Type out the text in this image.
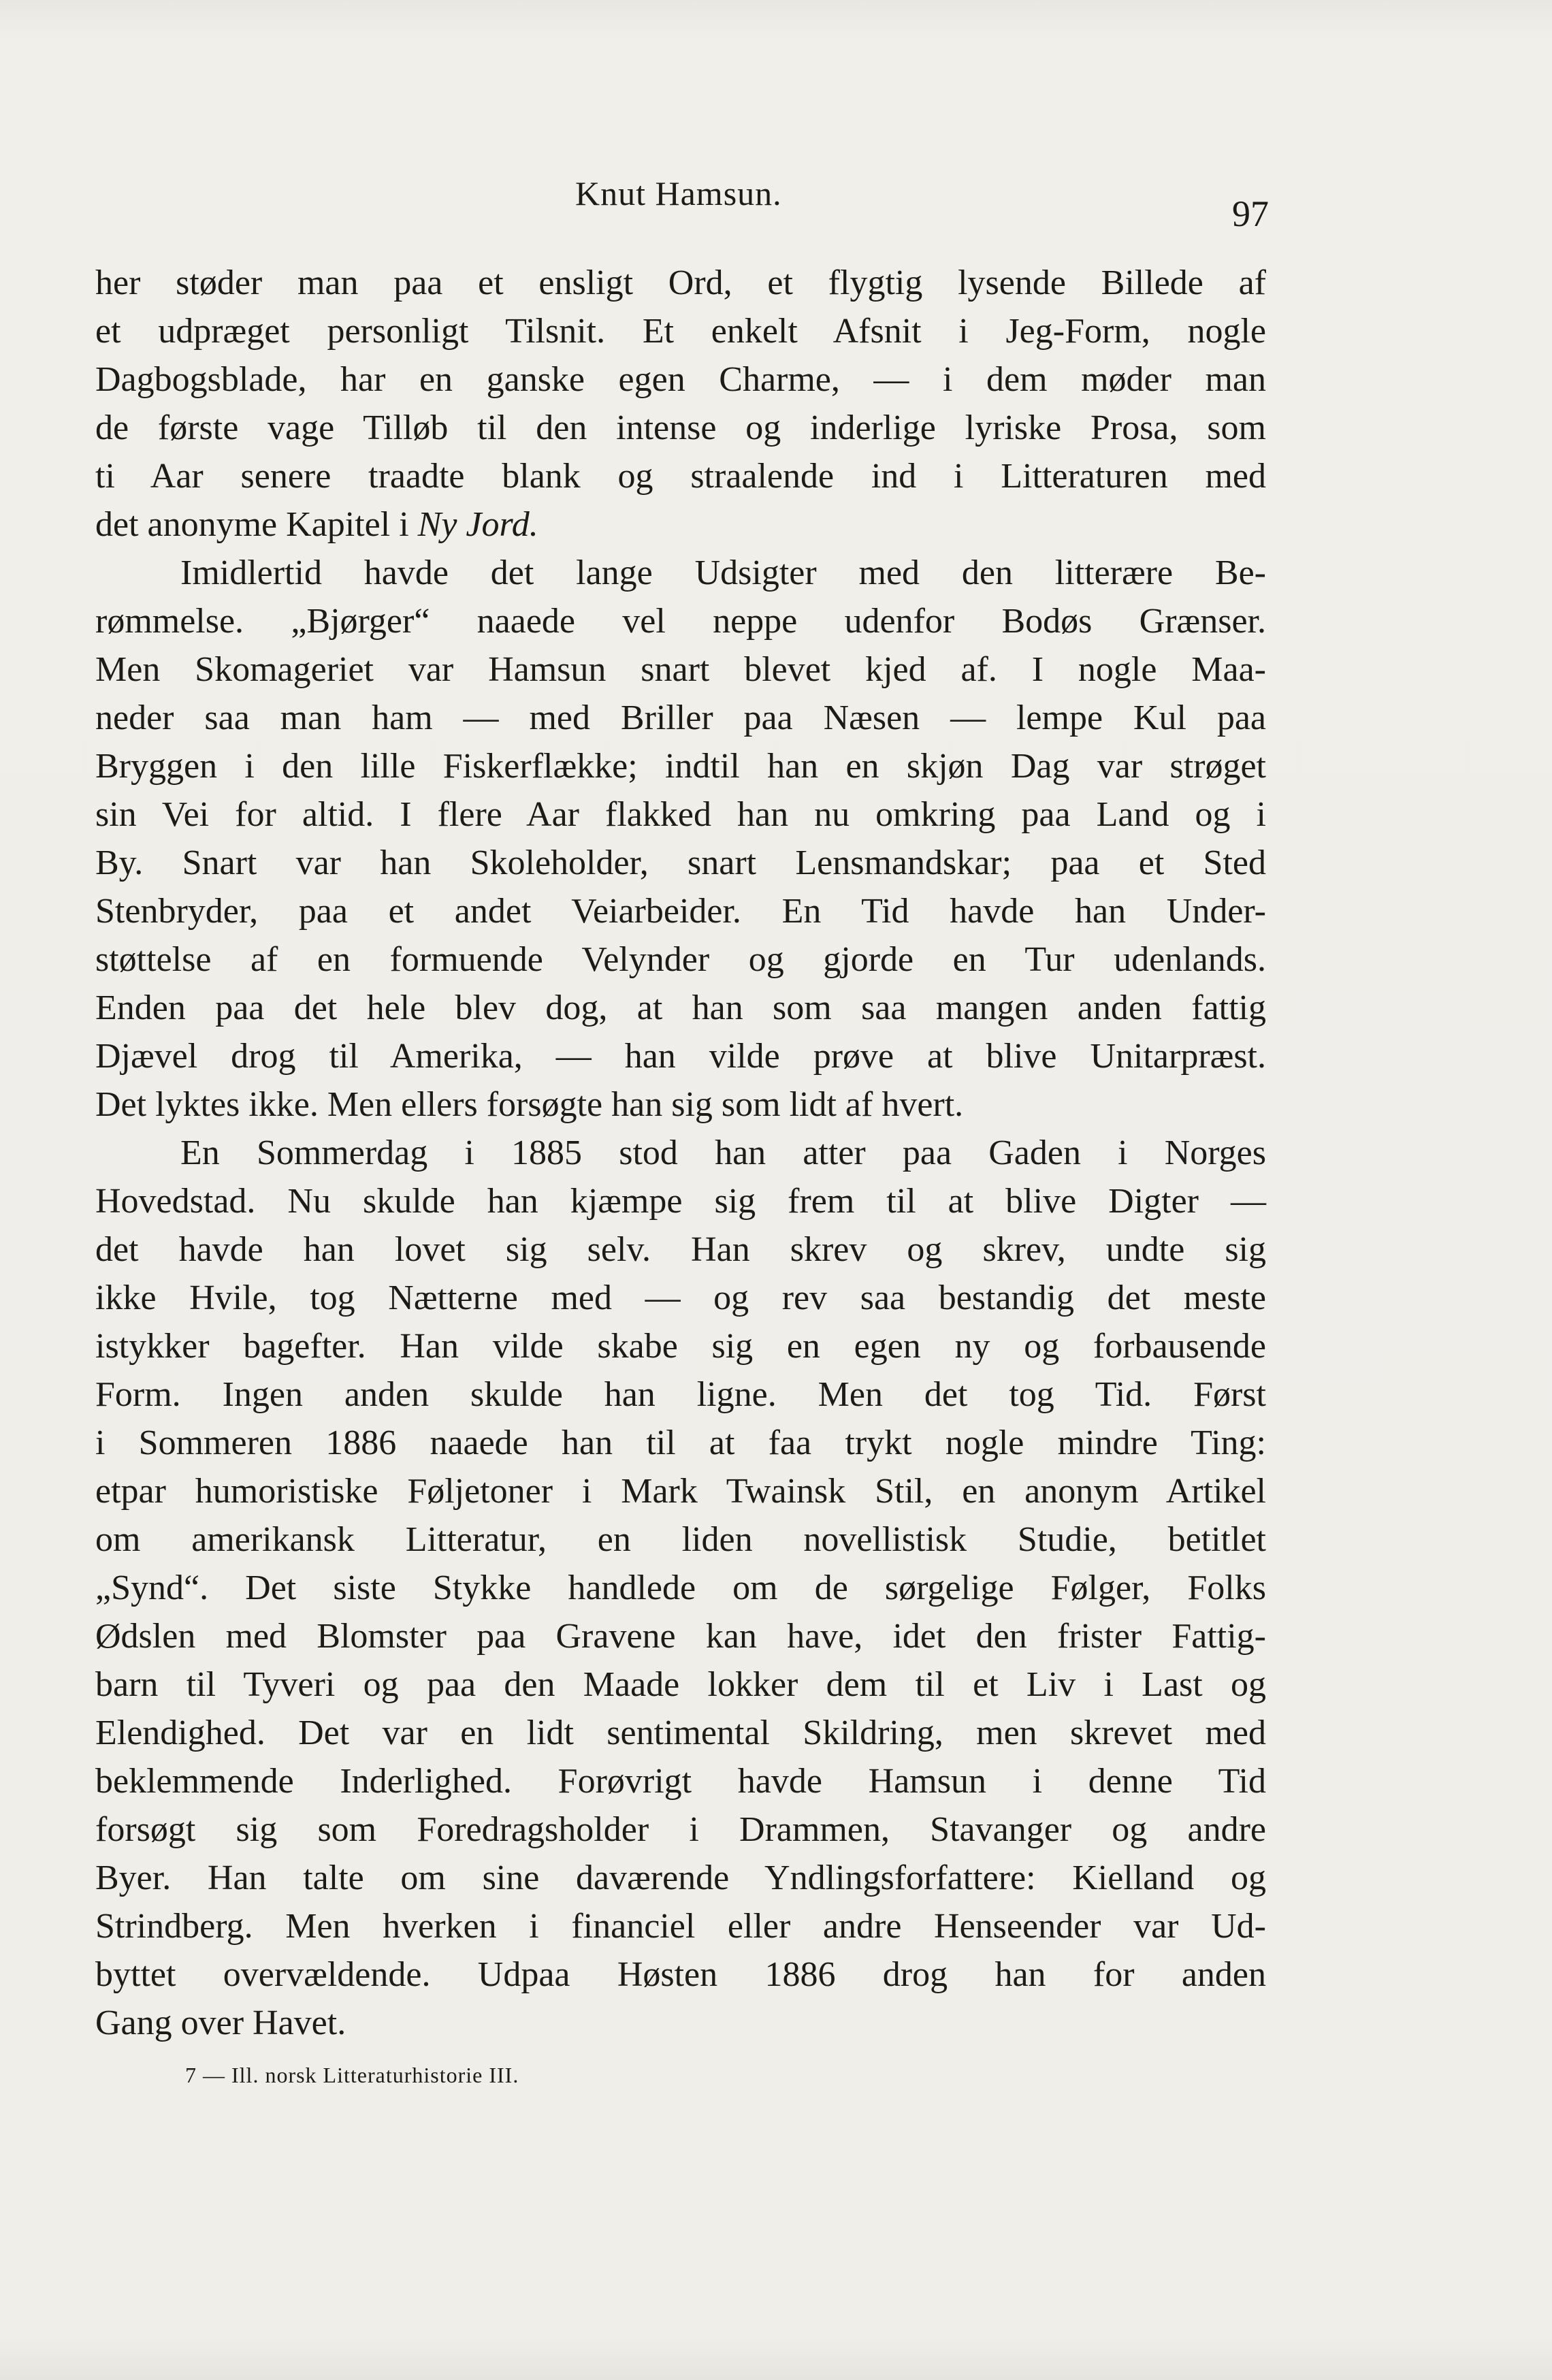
Knut Hamsun.	97
her støder man paa et ensligt Ord, et flygtig lysende Billede af
et udpræget personligt Tilsnit. Et enkelt Afsnit i Jeg-Form, nogle
Dagbogsblade, har en ganske egen Charme, — i dem møder man
de første vage Tilløb til den intense og inderlige lyriske Prosa, som
ti Aar senere traadte blank og straalende ind i Litteraturen med
det anonyme Kapitel i Ny Jord.
Imidlertid havde det lange Udsigter med den litterære Be-
rømmelse. „Bjørger“ naaede vel neppe udenfor Bodøs Grænser.
Men Skomageriet var Hamsun snart blevet kjed af. I nogle Maa-
neder saa man ham — med Briller paa Næsen — lempe Kul paa
Bryggen i den lille Fiskerflække; indtil han en skjøn Dag var strøget
sin Vei for altid. I flere Aar flakked han nu omkring paa Land og i
By. Snart var han Skoleholder, snart Lensmandskar; paa et Sted
Stenbryder, paa et andet Veiarbeider. En Tid havde han Under-
støttelse af en formuende Velynder og gjorde en Tur udenlands.
Enden paa det hele blev dog, at han som saa mangen anden fattig
Djævel drog til Amerika, — han vilde prøve at blive Unitarpræst.
Det lyktes ikke. Men ellers forsøgte han sig som lidt af hvert.
En Sommerdag i 1885 stod han atter paa Gaden i Norges
Hovedstad. Nu skulde han kjæmpe sig frem til at blive Digter —
det havde han lovet sig selv. Han skrev og skrev, undte sig
ikke Hvile, tog Nætterne med — og rev saa bestandig det meste
istykker bagefter. Han vilde skabe sig en egen ny og forbausende
Form. Ingen anden skulde han ligne. Men det tog Tid. Først
i Sommeren 1886 naaede han til at faa trykt nogle mindre Ting:
etpar humoristiske Føljetoner i Mark Twainsk Stil, en anonym Artikel
om amerikansk Litteratur, en liden novellistisk Studie, betitlet
„Synd“. Det siste Stykke handlede om de sørgelige Følger, Folks
Ødslen med Blomster paa Gravene kan have, idet den frister Fattig-
barn til Tyveri og paa den Maade lokker dem til et Liv i Last og
Elendighed. Det var en lidt sentimental Skildring, men skrevet med
beklemmende Inderlighed. Forøvrigt havde Hamsun i denne Tid
forsøgt sig som Foredragsholder i Drammen, Stavanger og andre
Byer. Han talte om sine daværende Yndlingsforfattere: Kielland og
Strindberg. Men hverken i financiel eller andre Henseender var Ud-
byttet overvældende. Udpaa Høsten 1886 drog han for anden
Gang over Havet.
7 — Ill. norsk Litteraturhistorie III.
